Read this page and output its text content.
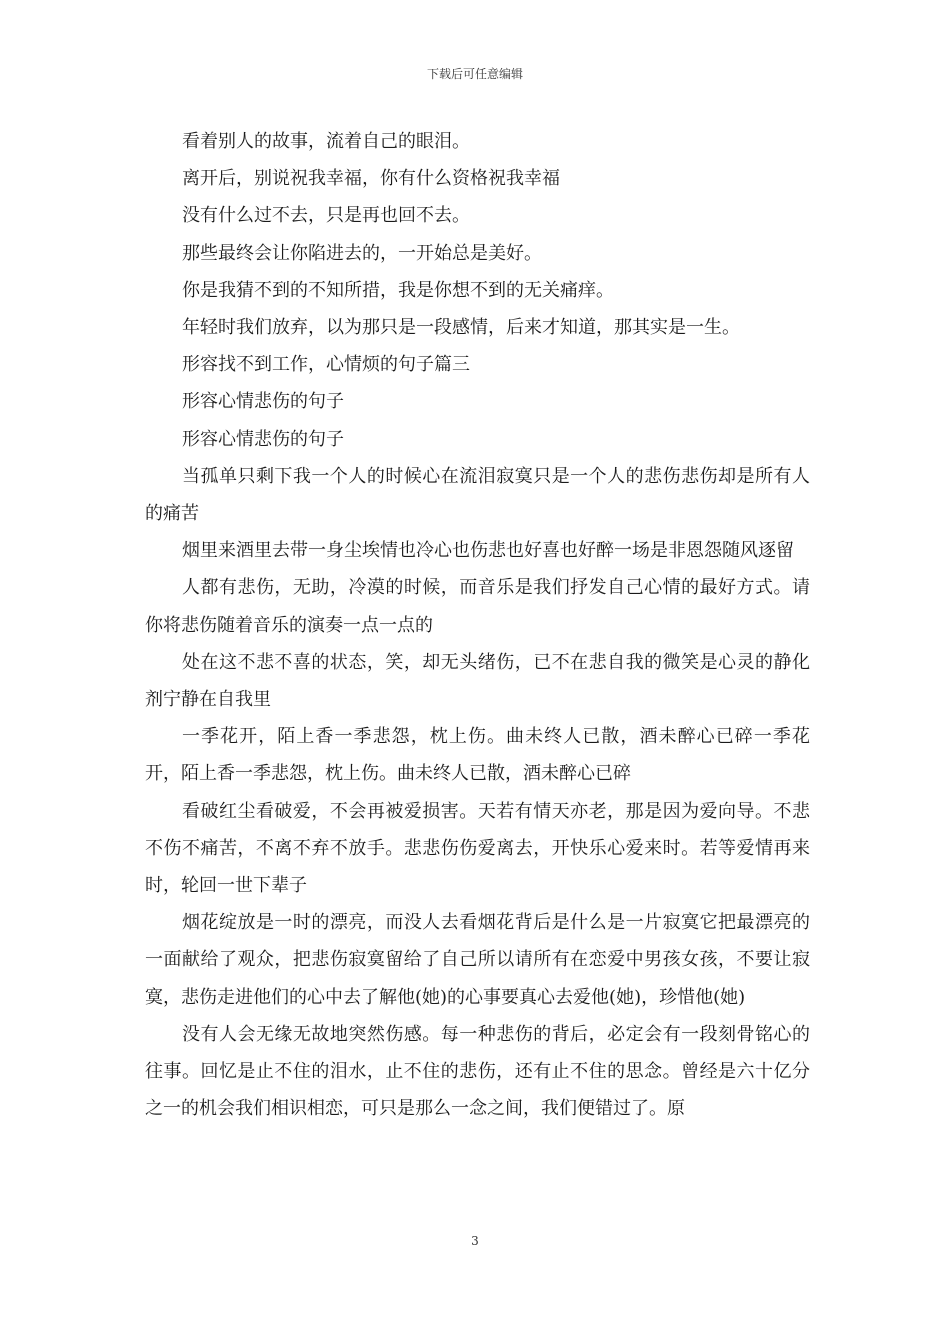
下载后可任意编辑

看着别人的故事，流着自己的眼泪。

离开后，别说祝我幸福，你有什么资格祝我幸福

没有什么过不去，只是再也回不去。

那些最终会让你陷进去的，一开始总是美好。

你是我猜不到的不知所措，我是你想不到的无关痛痒。

年轻时我们放弃，以为那只是一段感情，后来才知道，那其实是一生。

形容找不到工作，心情烦的句子篇三

形容心情悲伤的句子

形容心情悲伤的句子

当孤单只剩下我一个人的时候心在流泪寂寞只是一个人的悲伤悲伤却是所有人的痛苦

烟里来酒里去带一身尘埃情也冷心也伤悲也好喜也好醉一场是非恩怨随风逐留

人都有悲伤，无助，冷漠的时候，而音乐是我们抒发自己心情的最好方式。请你将悲伤随着音乐的演奏一点一点的

处在这不悲不喜的状态，笑，却无头绪伤，已不在悲自我的微笑是心灵的静化剂宁静在自我里

一季花开，陌上香一季悲怨，枕上伤。曲未终人已散，酒未醉心已碎一季花开，陌上香一季悲怨，枕上伤。曲未终人已散，酒未醉心已碎

看破红尘看破爱，不会再被爱损害。天若有情天亦老，那是因为爱向导。不悲不伤不痛苦，不离不弃不放手。悲悲伤伤爱离去，开快乐心爱来时。若等爱情再来时，轮回一世下辈子

烟花绽放是一时的漂亮，而没人去看烟花背后是什么是一片寂寞它把最漂亮的一面献给了观众，把悲伤寂寞留给了自己所以请所有在恋爱中男孩女孩，不要让寂寞，悲伤走进他们的心中去了解他(她)的心事要真心去爱他(她)，珍惜他(她)

没有人会无缘无故地突然伤感。每一种悲伤的背后，必定会有一段刻骨铭心的往事。回忆是止不住的泪水，止不住的悲伤，还有止不住的思念。曾经是六十亿分之一的机会我们相识相恋，可只是那么一念之间，我们便错过了。原

3
